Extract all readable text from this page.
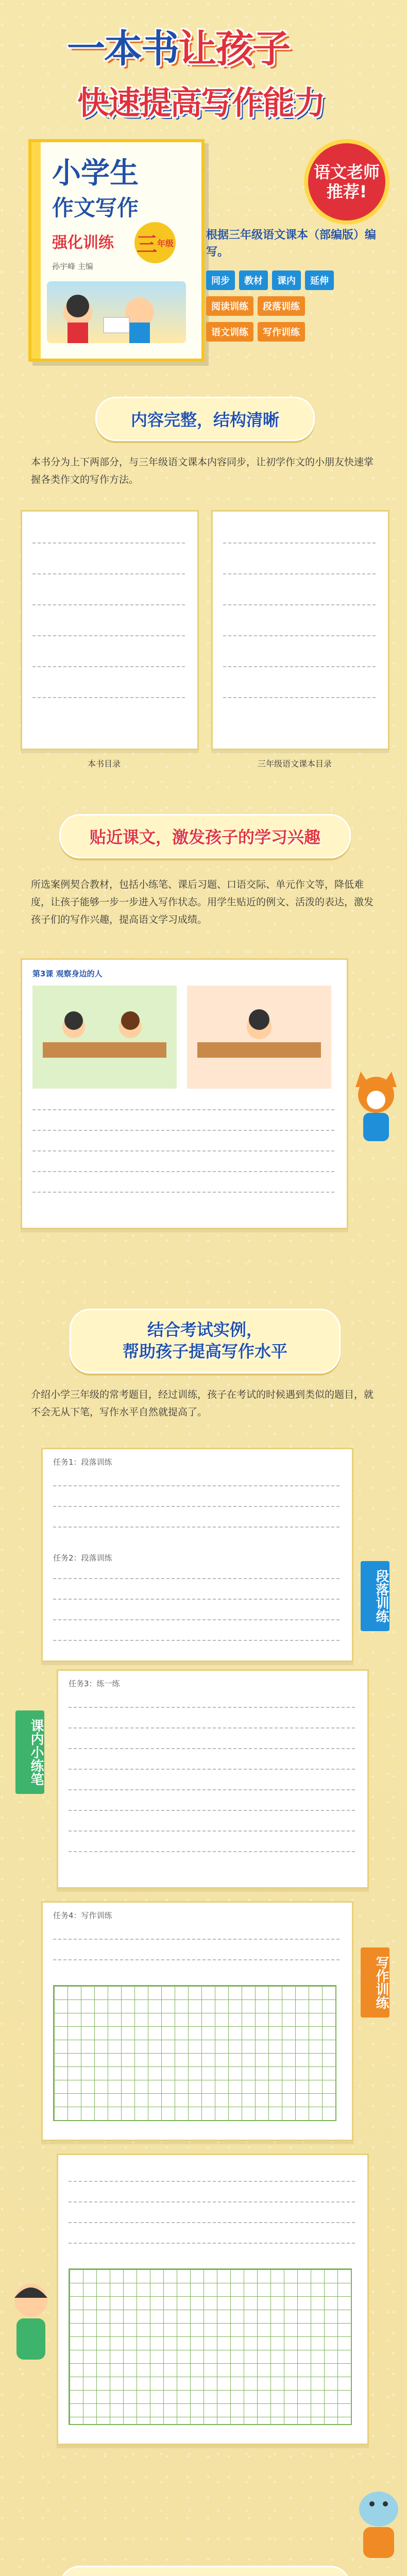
一本书让孩子
快速提高写作能力
小学生
作文写作
强化训练 三 年级
孙宇峰 主编
语文老师
推荐!
根据三年级语文课本（部编版）编写。
同步	教材	课内	延伸
阅读训练	段落训练
语文训练	写作训练
内容完整，结构清晰
本书分为上下两部分，与三年级语文课本内容同步，让初学作文的小朋友快速掌握各类作文的写作方法。
本书目录	三年级语文课本目录
贴近课文，激发孩子的学习兴趣
所选案例契合教材，包括小练笔、课后习题、口语交际、单元作文等，降低难度，让孩子能够一步一步进入写作状态。用学生贴近的例文、活泼的表达，激发孩子们的写作兴趣，提高语文学习成绩。
第3课 观察身边的人
结合考试实例，
帮助孩子提高写作水平
介绍小学三年级的常考题目，经过训练，孩子在考试的时候遇到类似的题目，就不会无从下笔，写作水平自然就提高了。
任务1：段落训练
任务2：段落训练
段落训练
任务3：练一练
课内小练笔
任务4：写作训练
写作训练
